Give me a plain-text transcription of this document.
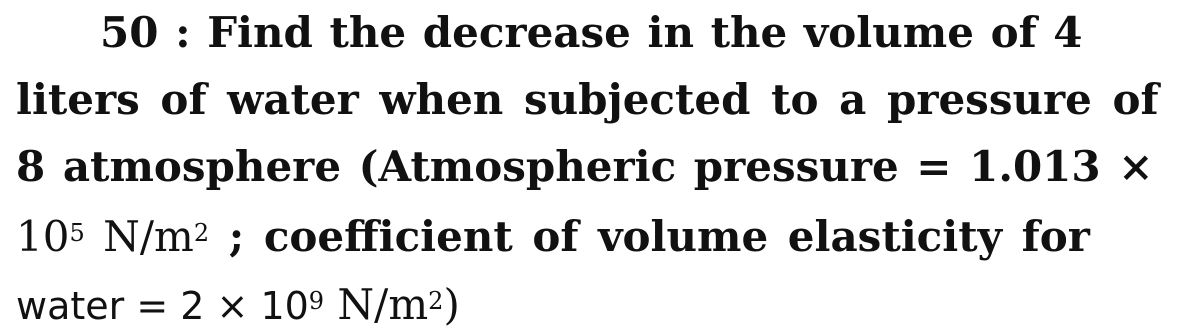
50 : Find the decrease in the volume of 4
liters of water when subjected to a pressure of
8 atmosphere (Atmospheric pressure = 1.013 ×
$10^5$ $N/m^2$ ; coefficient of volume elasticity for
water = $2 \times 10^9$ $N/m^2$)
